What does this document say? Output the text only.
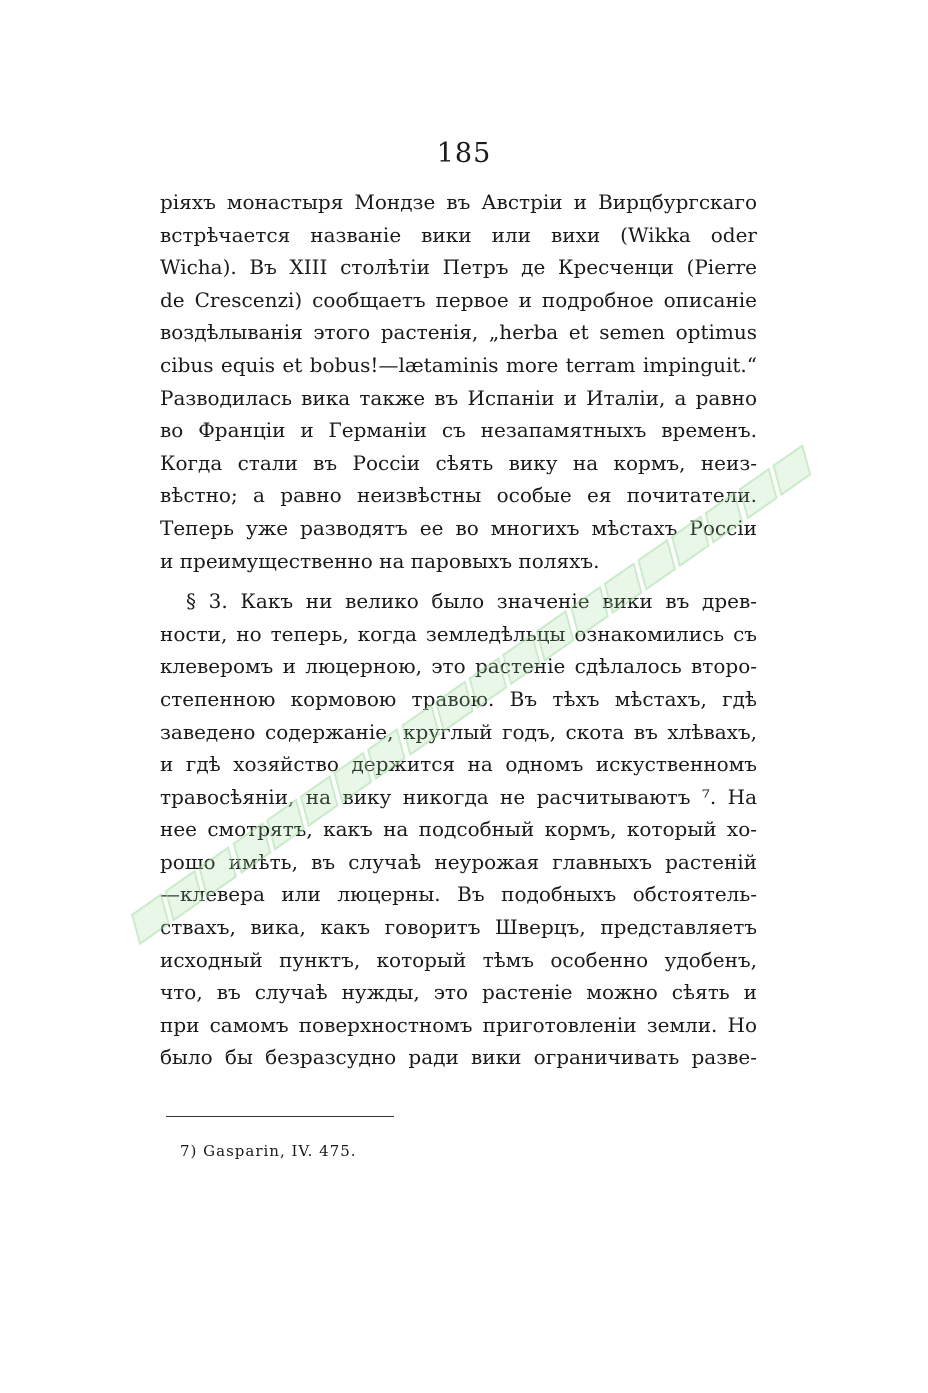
185
ріяхъ монастыря Мондзе въ Австріи и Вирцбургскаго
встрѣчается названіе вики или вихи (Wikka oder
Wicha). Въ XIII столѣтіи Петръ де Кресченци (Pierre
de Crescenzi) сообщаетъ первое и подробное описаніе
воздѣлыванія этого растенія, „herba et semen optimus
cibus equis et bobus!—lætaminis more terram impinguit.“
Разводилась вика также въ Испаніи и Италіи, а равно
во Франціи и Германіи съ незапамятныхъ временъ.
Когда стали въ Россіи сѣять вику на кормъ, неиз-
вѣстно; а равно неизвѣстны особые ея почитатели.
Теперь уже разводятъ ее во многихъ мѣстахъ Россіи
и преимущественно на паровыхъ поляхъ.
§ 3. Какъ ни велико было значеніе вики въ древ-
ности, но теперь, когда земледѣльцы ознакомились съ
клеверомъ и люцерною, это растеніе сдѣлалось второ-
степенною кормовою травою. Въ тѣхъ мѣстахъ, гдѣ
заведено содержаніе, круглый годъ, скота въ хлѣвахъ,
и гдѣ хозяйство держится на одномъ искуственномъ
травосѣяніи, на вику никогда не расчитываютъ ⁷. На
нее смотрятъ, какъ на подсобный кормъ, который хо-
рошо имѣть, въ случаѣ неурожая главныхъ растеній
—клевера или люцерны. Въ подобныхъ обстоятель-
ствахъ, вика, какъ говоритъ Шверцъ, представляетъ
исходный пунктъ, который тѣмъ особенно удобенъ,
что, въ случаѣ нужды, это растеніе можно сѣять и
при самомъ поверхностномъ приготовленіи земли. Но
было бы безразсудно ради вики ограничивать разве-
7) Gasparin, IV. 475.
